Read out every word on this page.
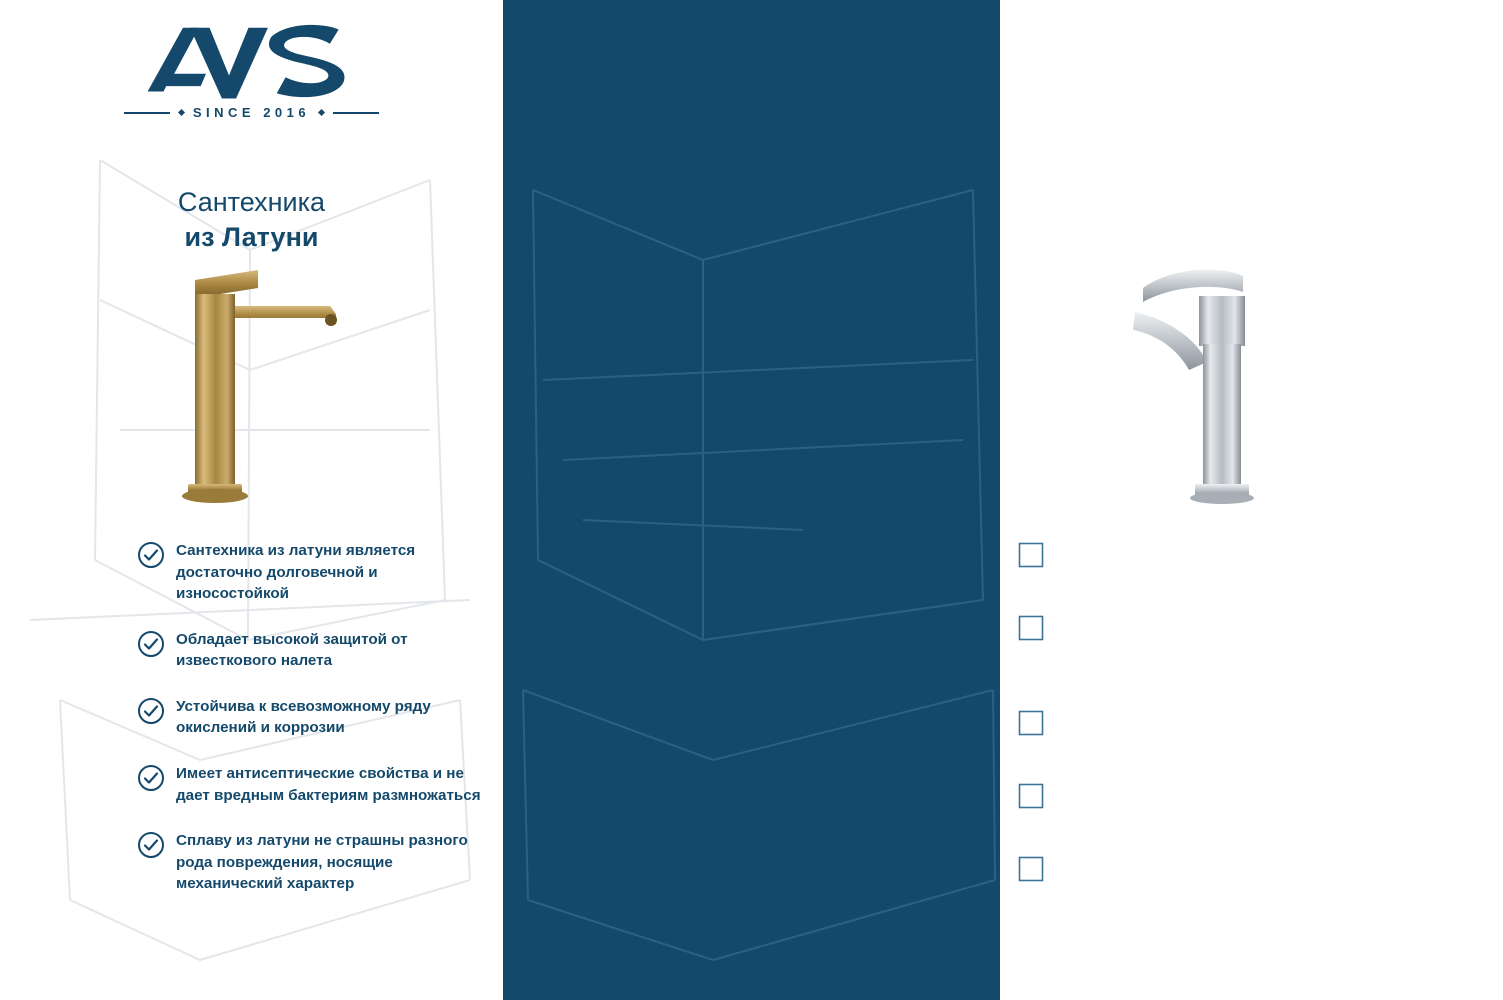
SINCE 2016
Сантехника
из Латуни
Сантехника из латуни является достаточно долговечной и износостойкой
Обладает высокой защитой от известкового налета
Устойчива к всевозможному ряду окислений и коррозии
Имеет антисептические свойства и не дает вредным бактериям размножаться
Сплаву из латуни не страшны разного рода повреждения, носящие механический характер
Другие
бренды
Сантехника из
нержавеющей стали
Не долговечена, подлежит замене через несколько лет
Сантехника из нержавейки склонна к загрязнению и нуждается в регулярной чистке
Не всегда присутствует надлежащая антикоррозионная защита
Не всегда есть антибактериальное покрытие
Царапины или потертости могут появляться на сантехнике из-за частого контактирования
